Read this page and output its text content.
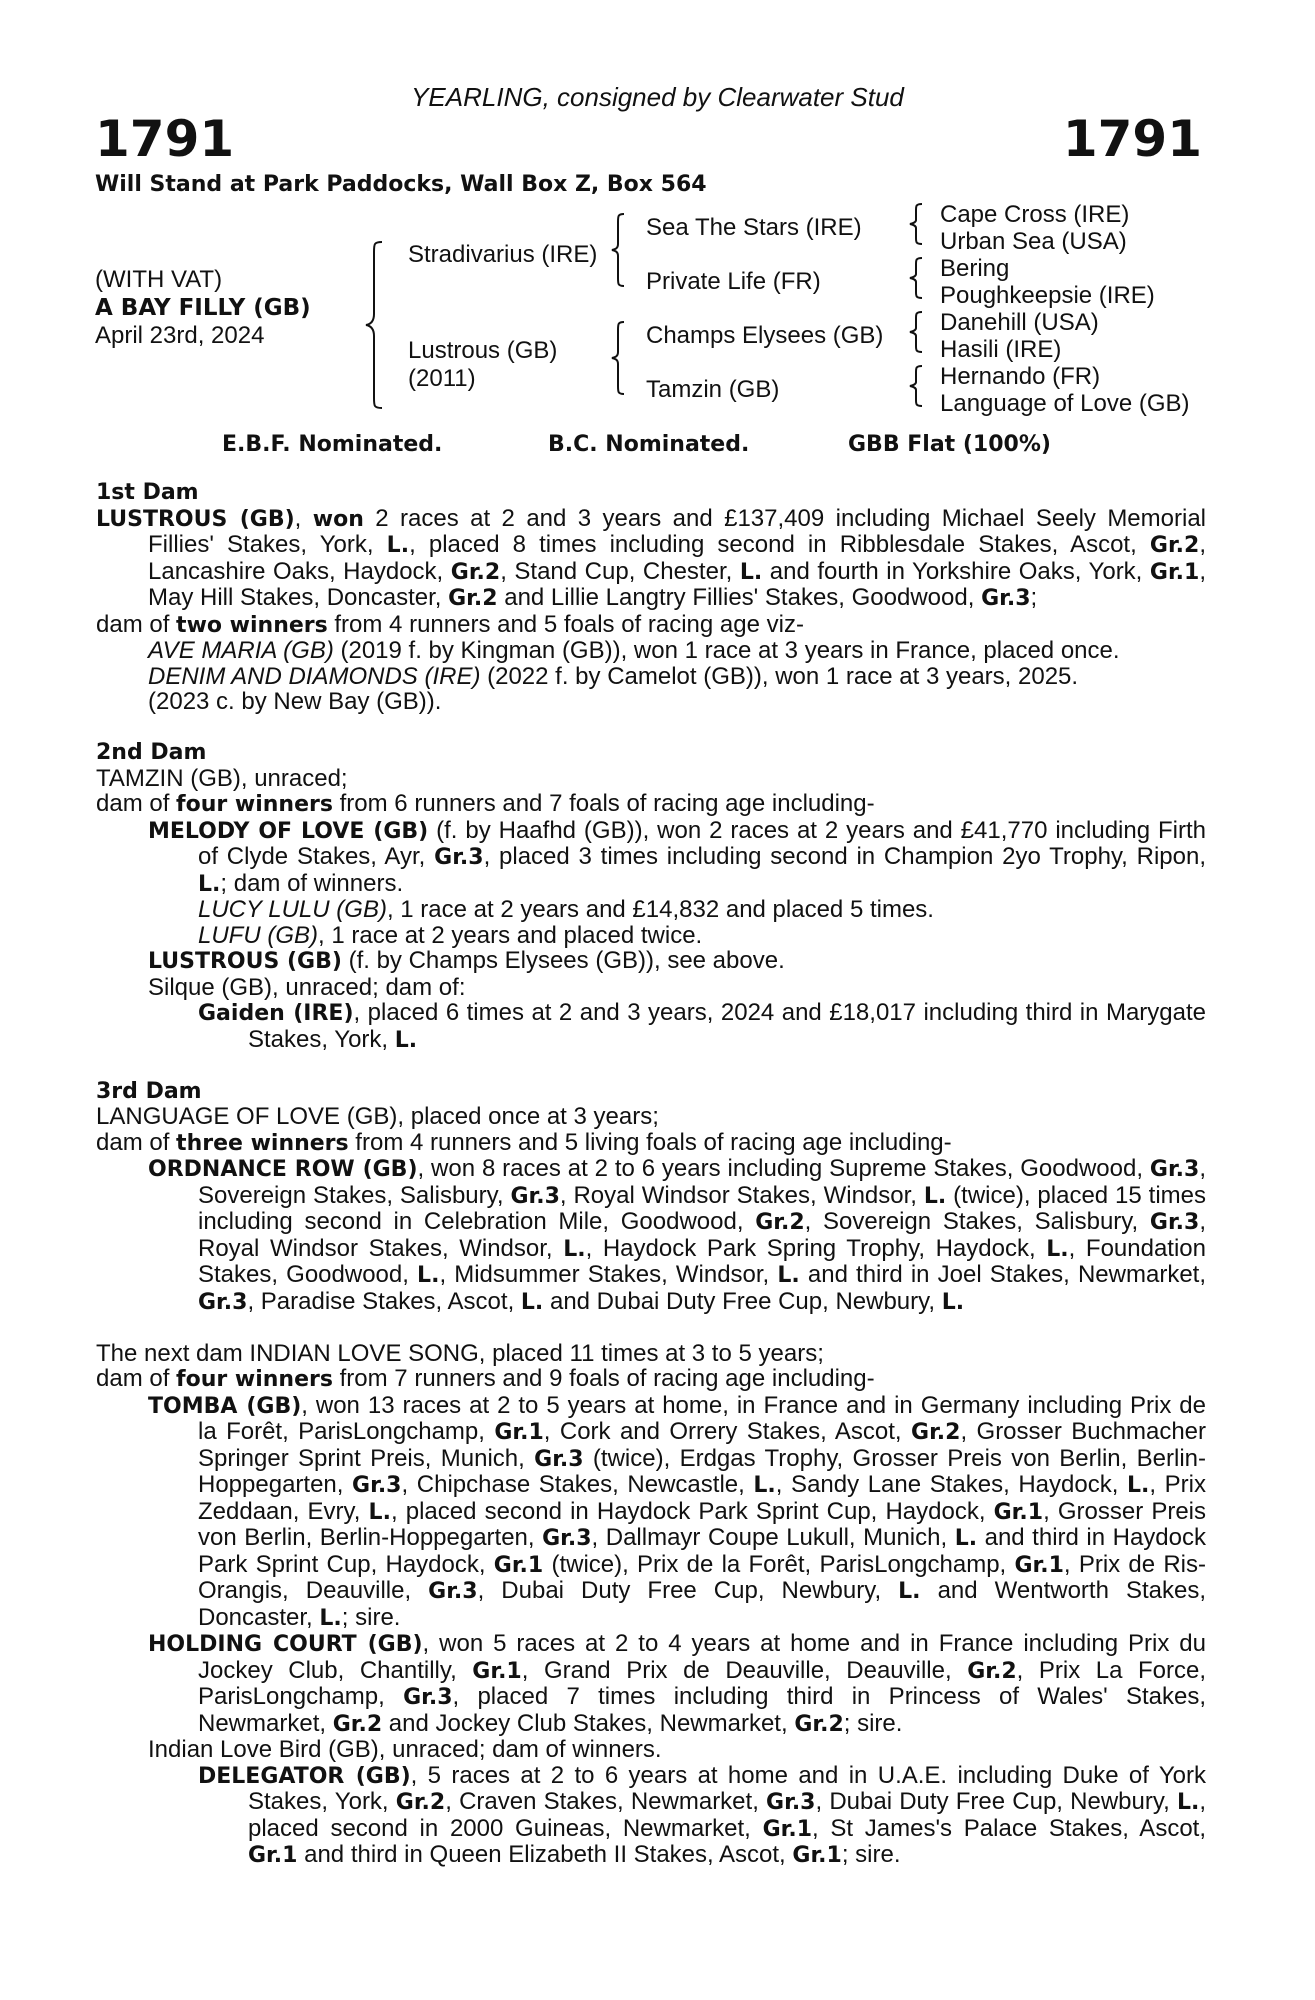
YEARLING, consigned by Clearwater Stud
1791	1791
Will Stand at Park Paddocks, Wall Box Z, Box 564
(WITH VAT)
A BAY FILLY (GB)
April 23rd, 2024
Stradivarius (IRE)
Lustrous (GB)
(2011)
Sea The Stars (IRE)
Private Life (FR)
Champs Elysees (GB)
Tamzin (GB)
Cape Cross (IRE)
Urban Sea (USA)
Bering
Poughkeepsie (IRE)
Danehill (USA)
Hasili (IRE)
Hernando (FR)
Language of Love (GB)
E.B.F. Nominated.	B.C. Nominated.	GBB Flat (100%)
1st Dam

LUSTROUS (GB), won 2 races at 2 and 3 years and £137,409 including Michael Seely Memorial Fillies' Stakes, York, L., placed 8 times including second in Ribblesdale Stakes, Ascot, Gr.2, Lancashire Oaks, Haydock, Gr.2, Stand Cup, Chester, L. and fourth in Yorkshire Oaks, York, Gr.1, May Hill Stakes, Doncaster, Gr.2 and Lillie Langtry Fillies' Stakes, Goodwood, Gr.3;

dam of two winners from 4 runners and 5 foals of racing age viz-

AVE MARIA (GB) (2019 f. by Kingman (GB)), won 1 race at 3 years in France, placed once.

DENIM AND DIAMONDS (IRE) (2022 f. by Camelot (GB)), won 1 race at 3 years, 2025.

(2023 c. by New Bay (GB)).

2nd Dam

TAMZIN (GB), unraced;

dam of four winners from 6 runners and 7 foals of racing age including-

MELODY OF LOVE (GB) (f. by Haafhd (GB)), won 2 races at 2 years and £41,770 including Firth of Clyde Stakes, Ayr, Gr.3, placed 3 times including second in Champion 2yo Trophy, Ripon, L.; dam of winners.

LUCY LULU (GB), 1 race at 2 years and £14,832 and placed 5 times.

LUFU (GB), 1 race at 2 years and placed twice.

LUSTROUS (GB) (f. by Champs Elysees (GB)), see above.

Silque (GB), unraced; dam of:

Gaiden (IRE), placed 6 times at 2 and 3 years, 2024 and £18,017 including third in Marygate Stakes, York, L.

3rd Dam

LANGUAGE OF LOVE (GB), placed once at 3 years;

dam of three winners from 4 runners and 5 living foals of racing age including-

ORDNANCE ROW (GB), won 8 races at 2 to 6 years including Supreme Stakes, Goodwood, Gr.3, Sovereign Stakes, Salisbury, Gr.3, Royal Windsor Stakes, Windsor, L. (twice), placed 15 times including second in Celebration Mile, Goodwood, Gr.2, Sovereign Stakes, Salisbury, Gr.3, Royal Windsor Stakes, Windsor, L., Haydock Park Spring Trophy, Haydock, L., Foundation Stakes, Goodwood, L., Midsummer Stakes, Windsor, L. and third in Joel Stakes, Newmarket, Gr.3, Paradise Stakes, Ascot, L. and Dubai Duty Free Cup, Newbury, L.

The next dam INDIAN LOVE SONG, placed 11 times at 3 to 5 years;

dam of four winners from 7 runners and 9 foals of racing age including-

TOMBA (GB), won 13 races at 2 to 5 years at home, in France and in Germany including Prix de la Forêt, ParisLongchamp, Gr.1, Cork and Orrery Stakes, Ascot, Gr.2, Grosser Buchmacher Springer Sprint Preis, Munich, Gr.3 (twice), Erdgas Trophy, Grosser Preis von Berlin, Berlin-Hoppegarten, Gr.3, Chipchase Stakes, Newcastle, L., Sandy Lane Stakes, Haydock, L., Prix Zeddaan, Evry, L., placed second in Haydock Park Sprint Cup, Haydock, Gr.1, Grosser Preis von Berlin, Berlin-Hoppegarten, Gr.3, Dallmayr Coupe Lukull, Munich, L. and third in Haydock Park Sprint Cup, Haydock, Gr.1 (twice), Prix de la Forêt, ParisLongchamp, Gr.1, Prix de Ris-Orangis, Deauville, Gr.3, Dubai Duty Free Cup, Newbury, L. and Wentworth Stakes, Doncaster, L.; sire.

HOLDING COURT (GB), won 5 races at 2 to 4 years at home and in France including Prix du Jockey Club, Chantilly, Gr.1, Grand Prix de Deauville, Deauville, Gr.2, Prix La Force, ParisLongchamp, Gr.3, placed 7 times including third in Princess of Wales' Stakes, Newmarket, Gr.2 and Jockey Club Stakes, Newmarket, Gr.2; sire.

Indian Love Bird (GB), unraced; dam of winners.

DELEGATOR (GB), 5 races at 2 to 6 years at home and in U.A.E. including Duke of York Stakes, York, Gr.2, Craven Stakes, Newmarket, Gr.3, Dubai Duty Free Cup, Newbury, L., placed second in 2000 Guineas, Newmarket, Gr.1, St James's Palace Stakes, Ascot, Gr.1 and third in Queen Elizabeth II Stakes, Ascot, Gr.1; sire.
